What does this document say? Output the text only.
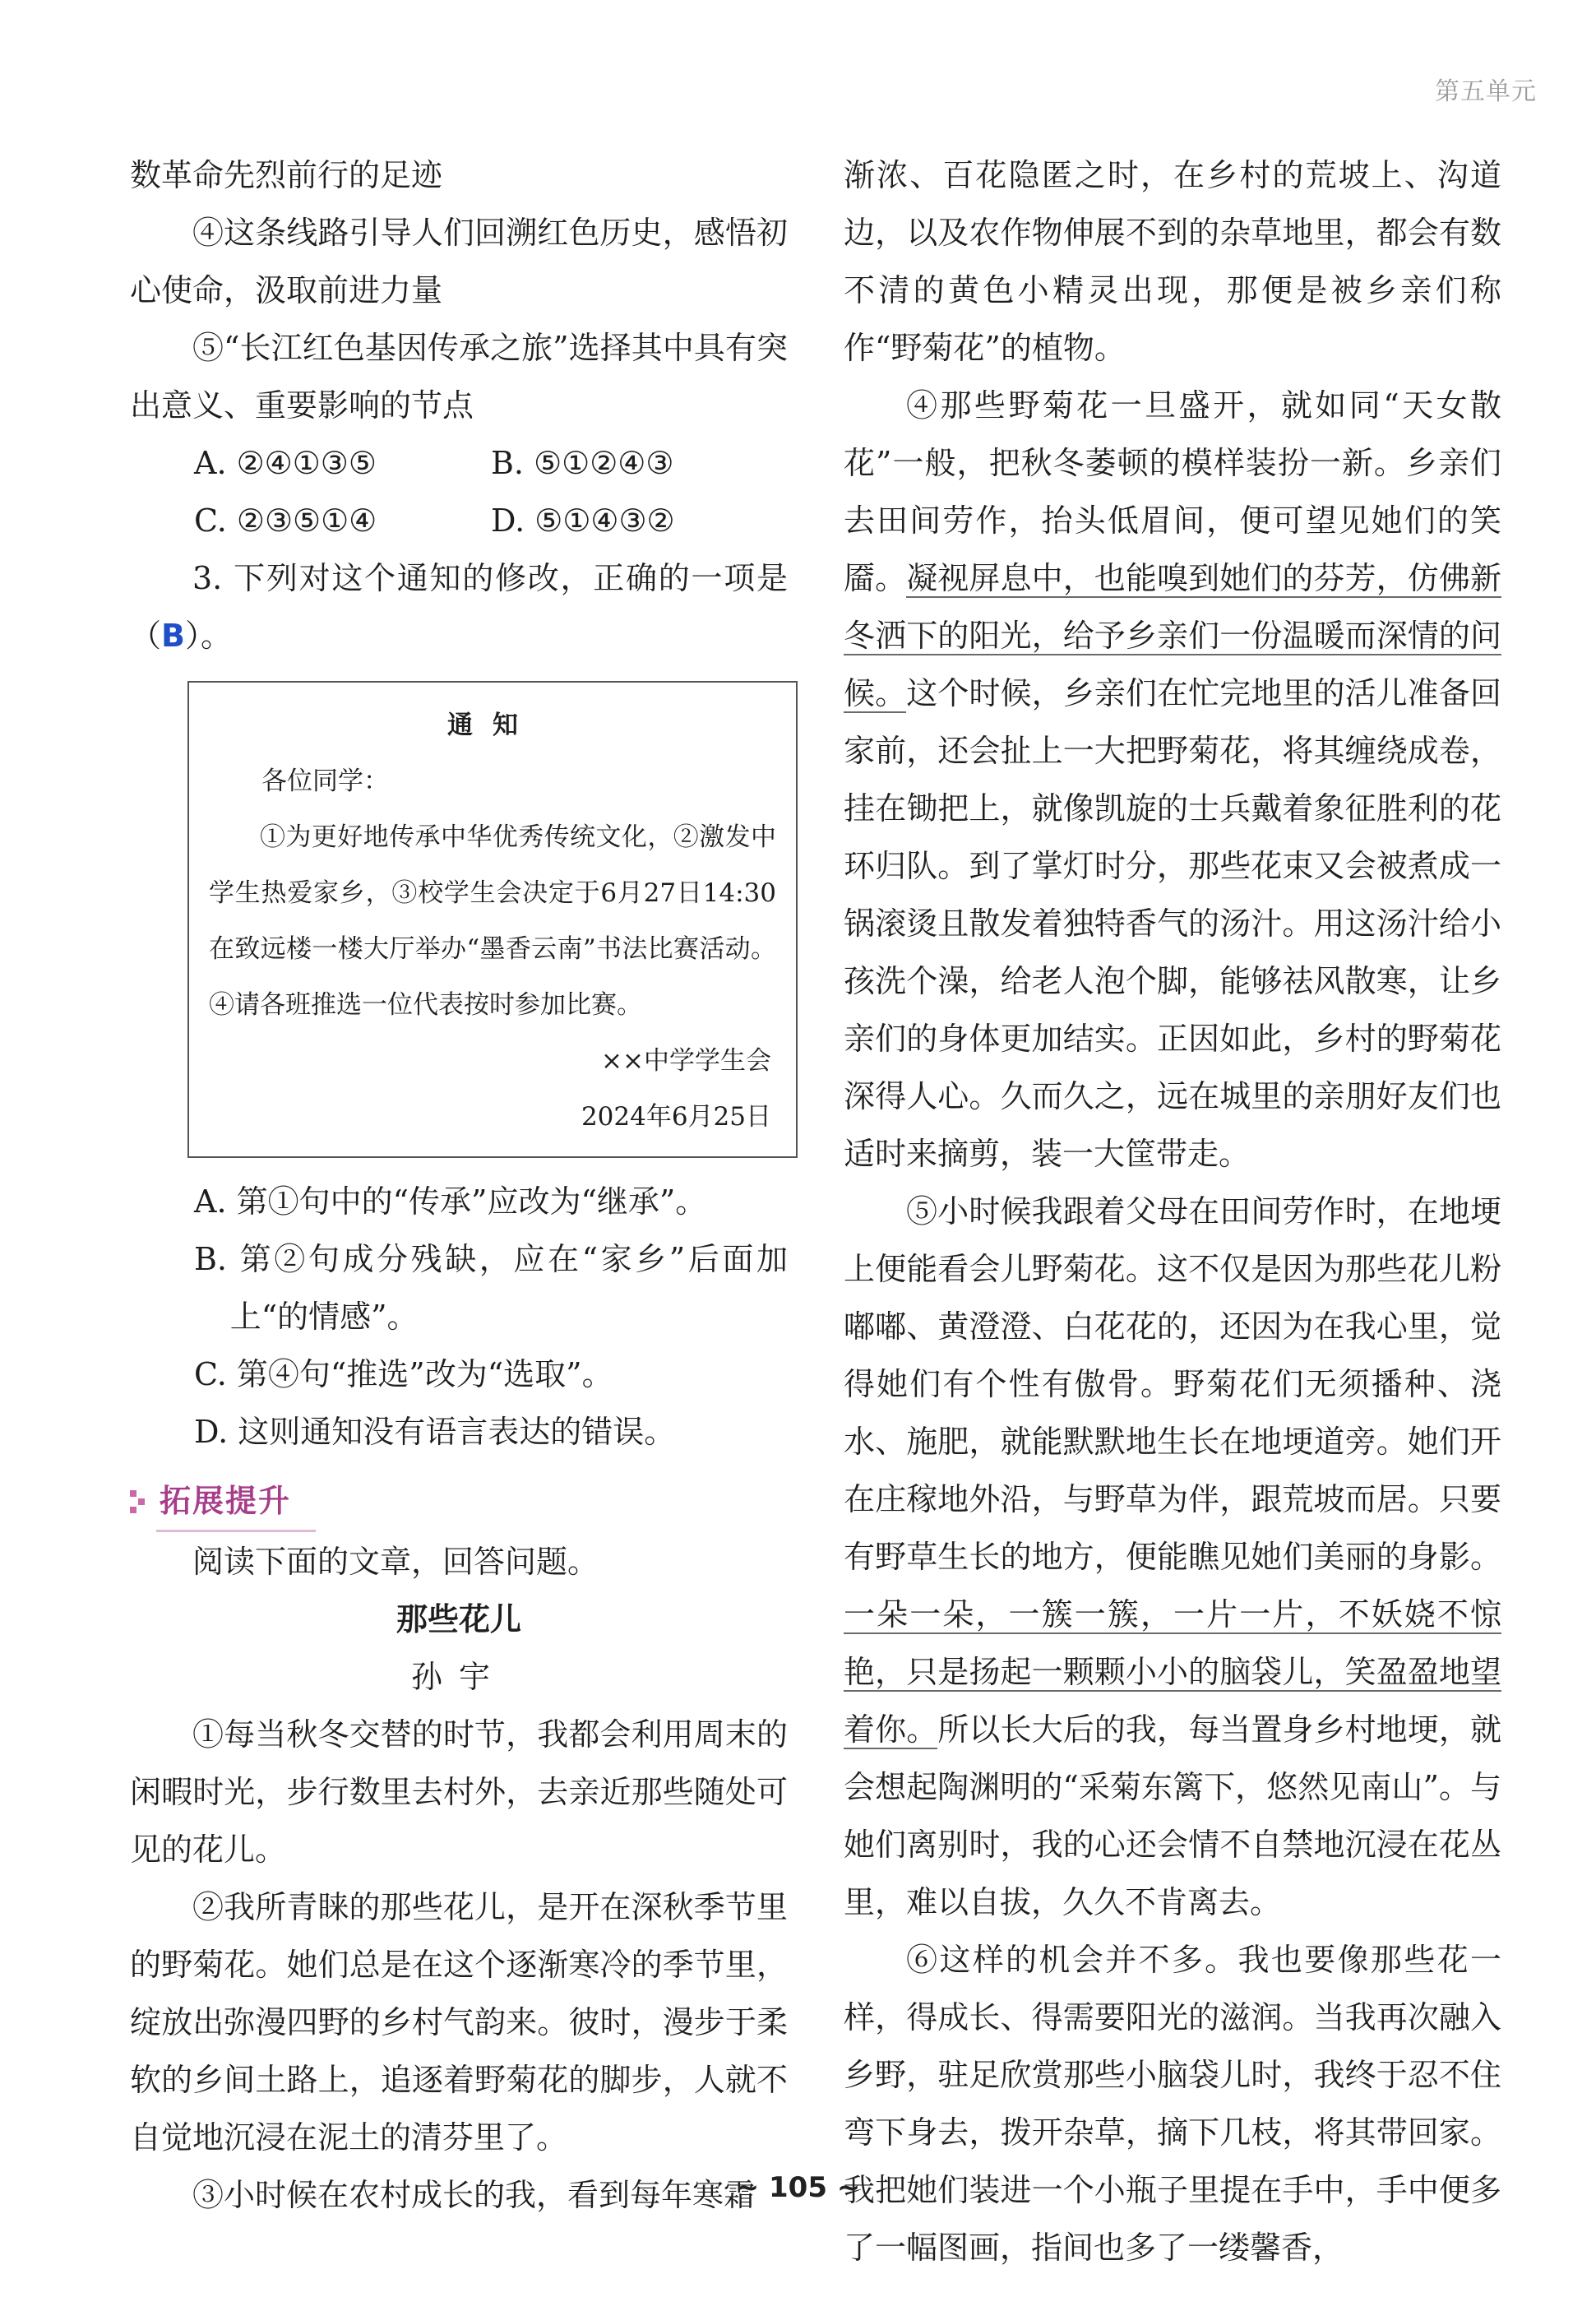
第五单元

数革命先烈前行的足迹

④这条线路引导人们回溯红色历史，感悟初心使命，汲取前进力量

⑤“长江红色基因传承之旅”选择其中具有突出意义、重要影响的节点

A. ②④①③⑤	B. ⑤①②④③
C. ②③⑤①④	D. ⑤①④③②

3. 下列对这个通知的修改，正确的一项是（B）。

通知
各位同学：
①为更好地传承中华优秀传统文化，②激发中学生热爱家乡，③校学生会决定于6月27日14:30在致远楼一楼大厅举办“墨香云南”书法比赛活动。④请各班推选一位代表按时参加比赛。
××中学学生会
2024年6月25日

A. 第①句中的“传承”应改为“继承”。

B. 第②句成分残缺，应在“家乡”后面加上“的情感”。

C. 第④句“推选”改为“选取”。

D. 这则通知没有语言表达的错误。

拓展提升

阅读下面的文章，回答问题。

那些花儿

孙宇

①每当秋冬交替的时节，我都会利用周末的闲暇时光，步行数里去村外，去亲近那些随处可见的花儿。

②我所青睐的那些花儿，是开在深秋季节里的野菊花。她们总是在这个逐渐寒冷的季节里，绽放出弥漫四野的乡村气韵来。彼时，漫步于柔软的乡间土路上，追逐着野菊花的脚步，人就不自觉地沉浸在泥土的清芬里了。

③小时候在农村成长的我，看到每年寒霜

渐浓、百花隐匿之时，在乡村的荒坡上、沟道边，以及农作物伸展不到的杂草地里，都会有数不清的黄色小精灵出现，那便是被乡亲们称作“野菊花”的植物。

④那些野菊花一旦盛开，就如同“天女散花”一般，把秋冬萎顿的模样装扮一新。乡亲们去田间劳作，抬头低眉间，便可望见她们的笑靥。凝视屏息中，也能嗅到她们的芬芳，仿佛新冬洒下的阳光，给予乡亲们一份温暖而深情的问候。这个时候，乡亲们在忙完地里的活儿准备回家前，还会扯上一大把野菊花，将其缠绕成卷，挂在锄把上，就像凯旋的士兵戴着象征胜利的花环归队。到了掌灯时分，那些花束又会被煮成一锅滚烫且散发着独特香气的汤汁。用这汤汁给小孩洗个澡，给老人泡个脚，能够祛风散寒，让乡亲们的身体更加结实。正因如此，乡村的野菊花深得人心。久而久之，远在城里的亲朋好友们也适时来摘剪，装一大筐带走。

⑤小时候我跟着父母在田间劳作时，在地埂上便能看会儿野菊花。这不仅是因为那些花儿粉嘟嘟、黄澄澄、白花花的，还因为在我心里，觉得她们有个性有傲骨。野菊花们无须播种、浇水、施肥，就能默默地生长在地埂道旁。她们开在庄稼地外沿，与野草为伴，跟荒坡而居。只要有野草生长的地方，便能瞧见她们美丽的身影。一朵一朵，一簇一簇，一片一片，不妖娆不惊艳，只是扬起一颗颗小小的脑袋儿，笑盈盈地望着你。所以长大后的我，每当置身乡村地埂，就会想起陶渊明的“采菊东篱下，悠然见南山”。与她们离别时，我的心还会情不自禁地沉浸在花丛里，难以自拔，久久不肯离去。

⑥这样的机会并不多。我也要像那些花一样，得成长、得需要阳光的滋润。当我再次融入乡野，驻足欣赏那些小脑袋儿时，我终于忍不住弯下身去，拨开杂草，摘下几枝，将其带回家。我把她们装进一个小瓶子里提在手中，手中便多了一幅图画，指间也多了一缕馨香，

~ 105 ~
